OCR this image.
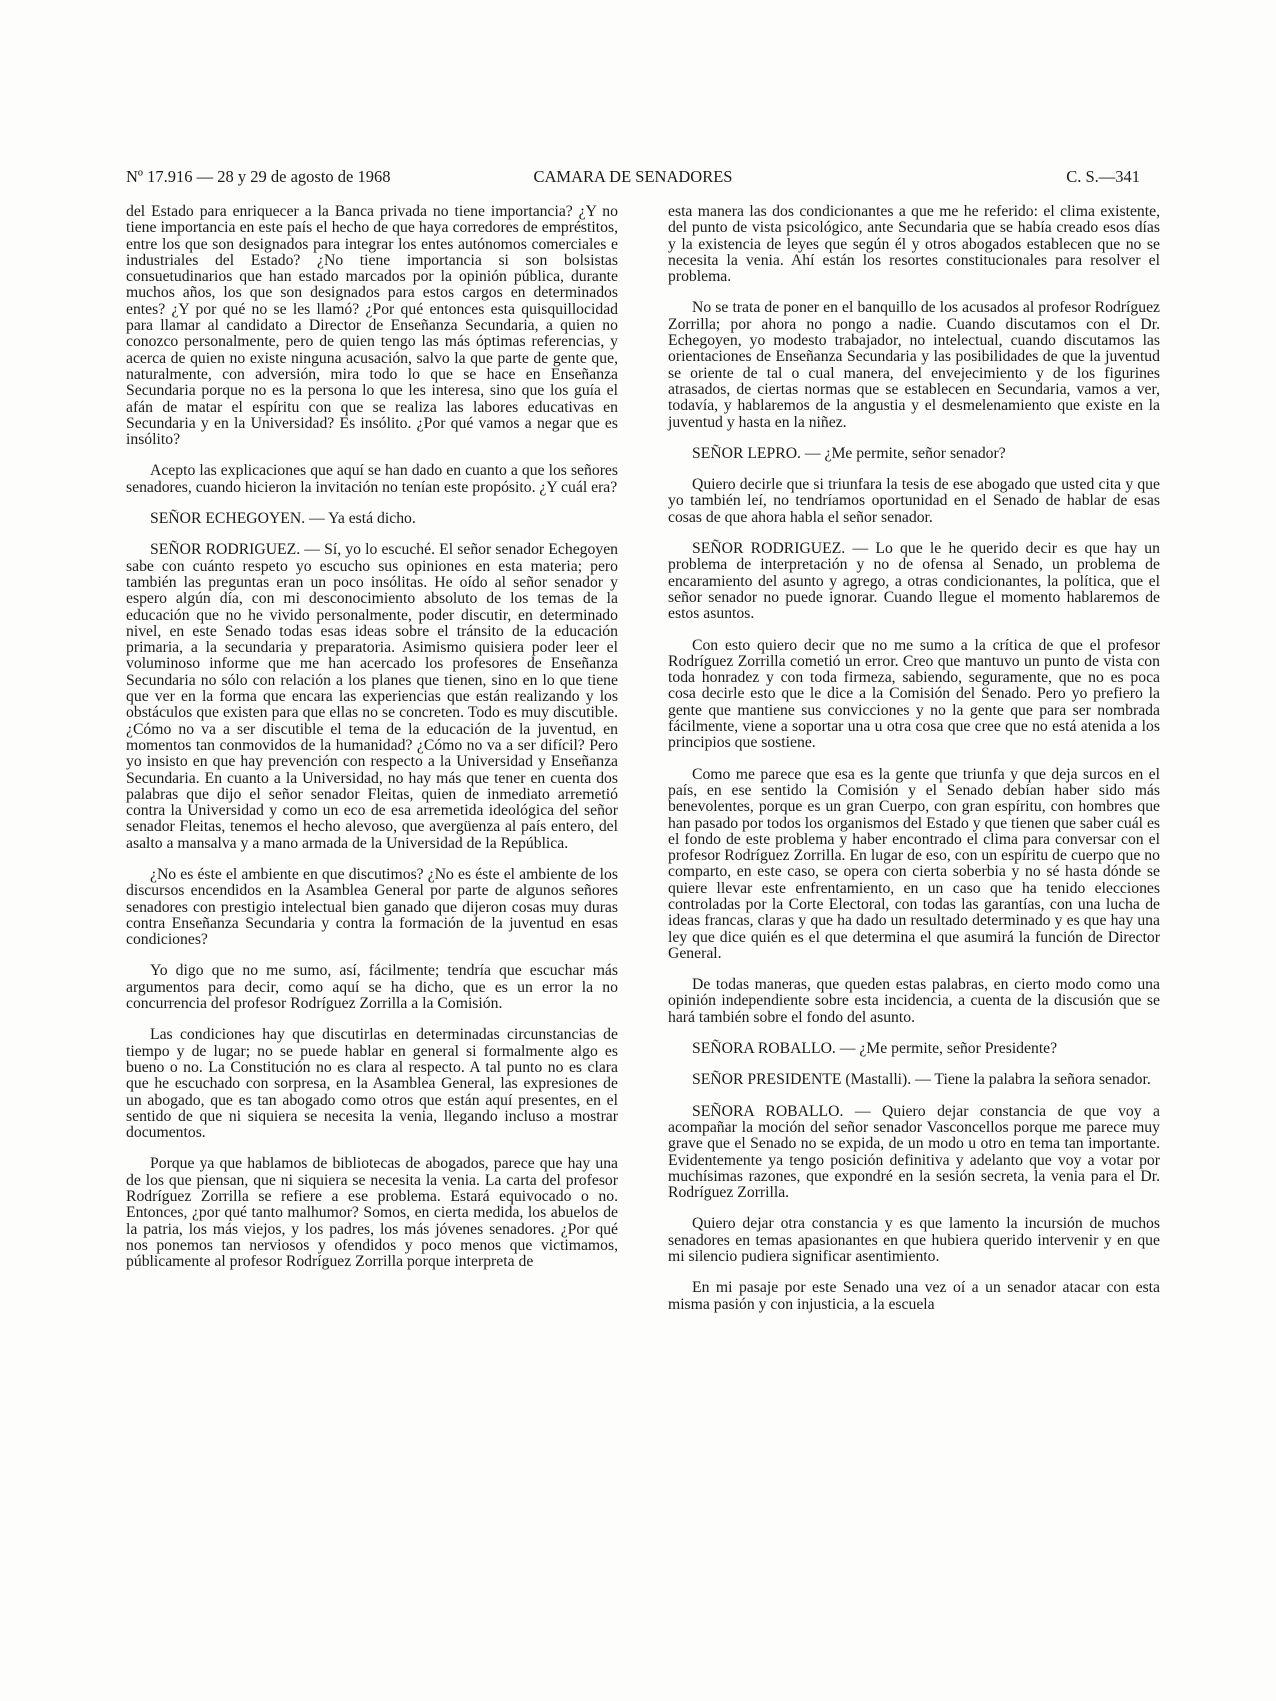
Nº 17.916 — 28 y 29 de agosto de 1968	CAMARA DE SENADORES	C. S.—341

del Estado para enriquecer a la Banca privada no tiene importancia? ¿Y no tiene importancia en este país el hecho de que haya corredores de empréstitos, entre los que son designados para integrar los entes autónomos comerciales e industriales del Estado? ¿No tiene importancia si son bolsistas consuetudinarios que han estado marcados por la opinión pública, durante muchos años, los que son designados para estos cargos en determinados entes? ¿Y por qué no se les llamó? ¿Por qué entonces esta quisquillocidad para llamar al candidato a Director de Enseñanza Secundaria, a quien no conozco personalmente, pero de quien tengo las más óptimas referencias, y acerca de quien no existe ninguna acusación, salvo la que parte de gente que, naturalmente, con adversión, mira todo lo que se hace en Enseñanza Secundaria porque no es la persona lo que les interesa, sino que los guía el afán de matar el espíritu con que se realiza las labores educativas en Secundaria y en la Universidad? Es insólito. ¿Por qué vamos a negar que es insólito?

Acepto las explicaciones que aquí se han dado en cuanto a que los señores senadores, cuando hicieron la invitación no tenían este propósito. ¿Y cuál era?

SEÑOR ECHEGOYEN. — Ya está dicho.

SEÑOR RODRIGUEZ. — Sí, yo lo escuché. El señor senador Echegoyen sabe con cuánto respeto yo escucho sus opiniones en esta materia; pero también las preguntas eran un poco insólitas. He oído al señor senador y espero algún día, con mi desconocimiento absoluto de los temas de la educación que no he vivido personalmente, poder discutir, en determinado nivel, en este Senado todas esas ideas sobre el tránsito de la educación primaria, a la secundaria y preparatoria. Asimismo quisiera poder leer el voluminoso informe que me han acercado los profesores de Enseñanza Secundaria no sólo con relación a los planes que tienen, sino en lo que tiene que ver en la forma que encara las experiencias que están realizando y los obstáculos que existen para que ellas no se concreten. Todo es muy discutible. ¿Cómo no va a ser discutible el tema de la educación de la juventud, en momentos tan conmovidos de la humanidad? ¿Cómo no va a ser difícil? Pero yo insisto en que hay prevención con respecto a la Universidad y Enseñanza Secundaria. En cuanto a la Universidad, no hay más que tener en cuenta dos palabras que dijo el señor senador Fleitas, quien de inmediato arremetió contra la Universidad y como un eco de esa arremetida ideológica del señor senador Fleitas, tenemos el hecho alevoso, que avergüenza al país entero, del asalto a mansalva y a mano armada de la Universidad de la República.

¿No es éste el ambiente en que discutimos? ¿No es éste el ambiente de los discursos encendidos en la Asamblea General por parte de algunos señores senadores con prestigio intelectual bien ganado que dijeron cosas muy duras contra Enseñanza Secundaria y contra la formación de la juventud en esas condiciones?

Yo digo que no me sumo, así, fácilmente; tendría que escuchar más argumentos para decir, como aquí se ha dicho, que es un error la no concurrencia del profesor Rodríguez Zorrilla a la Comisión.

Las condiciones hay que discutirlas en determinadas circunstancias de tiempo y de lugar; no se puede hablar en general si formalmente algo es bueno o no. La Constitución no es clara al respecto. A tal punto no es clara que he escuchado con sorpresa, en la Asamblea General, las expresiones de un abogado, que es tan abogado como otros que están aquí presentes, en el sentido de que ni siquiera se necesita la venia, llegando incluso a mostrar documentos.

Porque ya que hablamos de bibliotecas de abogados, parece que hay una de los que piensan, que ni siquiera se necesita la venia. La carta del profesor Rodríguez Zorrilla se refiere a ese problema. Estará equivocado o no. Entonces, ¿por qué tanto malhumor? Somos, en cierta medida, los abuelos de la patria, los más viejos, y los padres, los más jóvenes senadores. ¿Por qué nos ponemos tan nerviosos y ofendidos y poco menos que victimamos, públicamente al profesor Rodríguez Zorrilla porque interpreta de

esta manera las dos condicionantes a que me he referido: el clima existente, del punto de vista psicológico, ante Secundaria que se había creado esos días y la existencia de leyes que según él y otros abogados establecen que no se necesita la venia. Ahí están los resortes constitucionales para resolver el problema.

No se trata de poner en el banquillo de los acusados al profesor Rodríguez Zorrilla; por ahora no pongo a nadie. Cuando discutamos con el Dr. Echegoyen, yo modesto trabajador, no intelectual, cuando discutamos las orientaciones de Enseñanza Secundaria y las posibilidades de que la juventud se oriente de tal o cual manera, del envejecimiento y de los figurines atrasados, de ciertas normas que se establecen en Secundaria, vamos a ver, todavía, y hablaremos de la angustia y el desmelenamiento que existe en la juventud y hasta en la niñez.

SEÑOR LEPRO. — ¿Me permite, señor senador?

Quiero decirle que si triunfara la tesis de ese abogado que usted cita y que yo también leí, no tendríamos oportunidad en el Senado de hablar de esas cosas de que ahora habla el señor senador.

SEÑOR RODRIGUEZ. — Lo que le he querido decir es que hay un problema de interpretación y no de ofensa al Senado, un problema de encaramiento del asunto y agrego, a otras condicionantes, la política, que el señor senador no puede ignorar. Cuando llegue el momento hablaremos de estos asuntos.

Con esto quiero decir que no me sumo a la crítica de que el profesor Rodríguez Zorrilla cometió un error. Creo que mantuvo un punto de vista con toda honradez y con toda firmeza, sabiendo, seguramente, que no es poca cosa decirle esto que le dice a la Comisión del Senado. Pero yo prefiero la gente que mantiene sus convicciones y no la gente que para ser nombrada fácilmente, viene a soportar una u otra cosa que cree que no está atenida a los principios que sostiene.

Como me parece que esa es la gente que triunfa y que deja surcos en el país, en ese sentido la Comisión y el Senado debían haber sido más benevolentes, porque es un gran Cuerpo, con gran espíritu, con hombres que han pasado por todos los organismos del Estado y que tienen que saber cuál es el fondo de este problema y haber encontrado el clima para conversar con el profesor Rodríguez Zorrilla. En lugar de eso, con un espíritu de cuerpo que no comparto, en este caso, se opera con cierta soberbia y no sé hasta dónde se quiere llevar este enfrentamiento, en un caso que ha tenido elecciones controladas por la Corte Electoral, con todas las garantías, con una lucha de ideas francas, claras y que ha dado un resultado determinado y es que hay una ley que dice quién es el que determina el que asumirá la función de Director General.

De todas maneras, que queden estas palabras, en cierto modo como una opinión independiente sobre esta incidencia, a cuenta de la discusión que se hará también sobre el fondo del asunto.

SEÑORA ROBALLO. — ¿Me permite, señor Presidente?

SEÑOR PRESIDENTE (Mastalli). — Tiene la palabra la señora senador.

SEÑORA ROBALLO. — Quiero dejar constancia de que voy a acompañar la moción del señor senador Vasconcellos porque me parece muy grave que el Senado no se expida, de un modo u otro en tema tan importante. Evidentemente ya tengo posición definitiva y adelanto que voy a votar por muchísimas razones, que expondré en la sesión secreta, la venia para el Dr. Rodríguez Zorrilla.

Quiero dejar otra constancia y es que lamento la incursión de muchos senadores en temas apasionantes en que hubiera querido intervenir y en que mi silencio pudiera significar asentimiento.

En mi pasaje por este Senado una vez oí a un senador atacar con esta misma pasión y con injusticia, a la escuela
